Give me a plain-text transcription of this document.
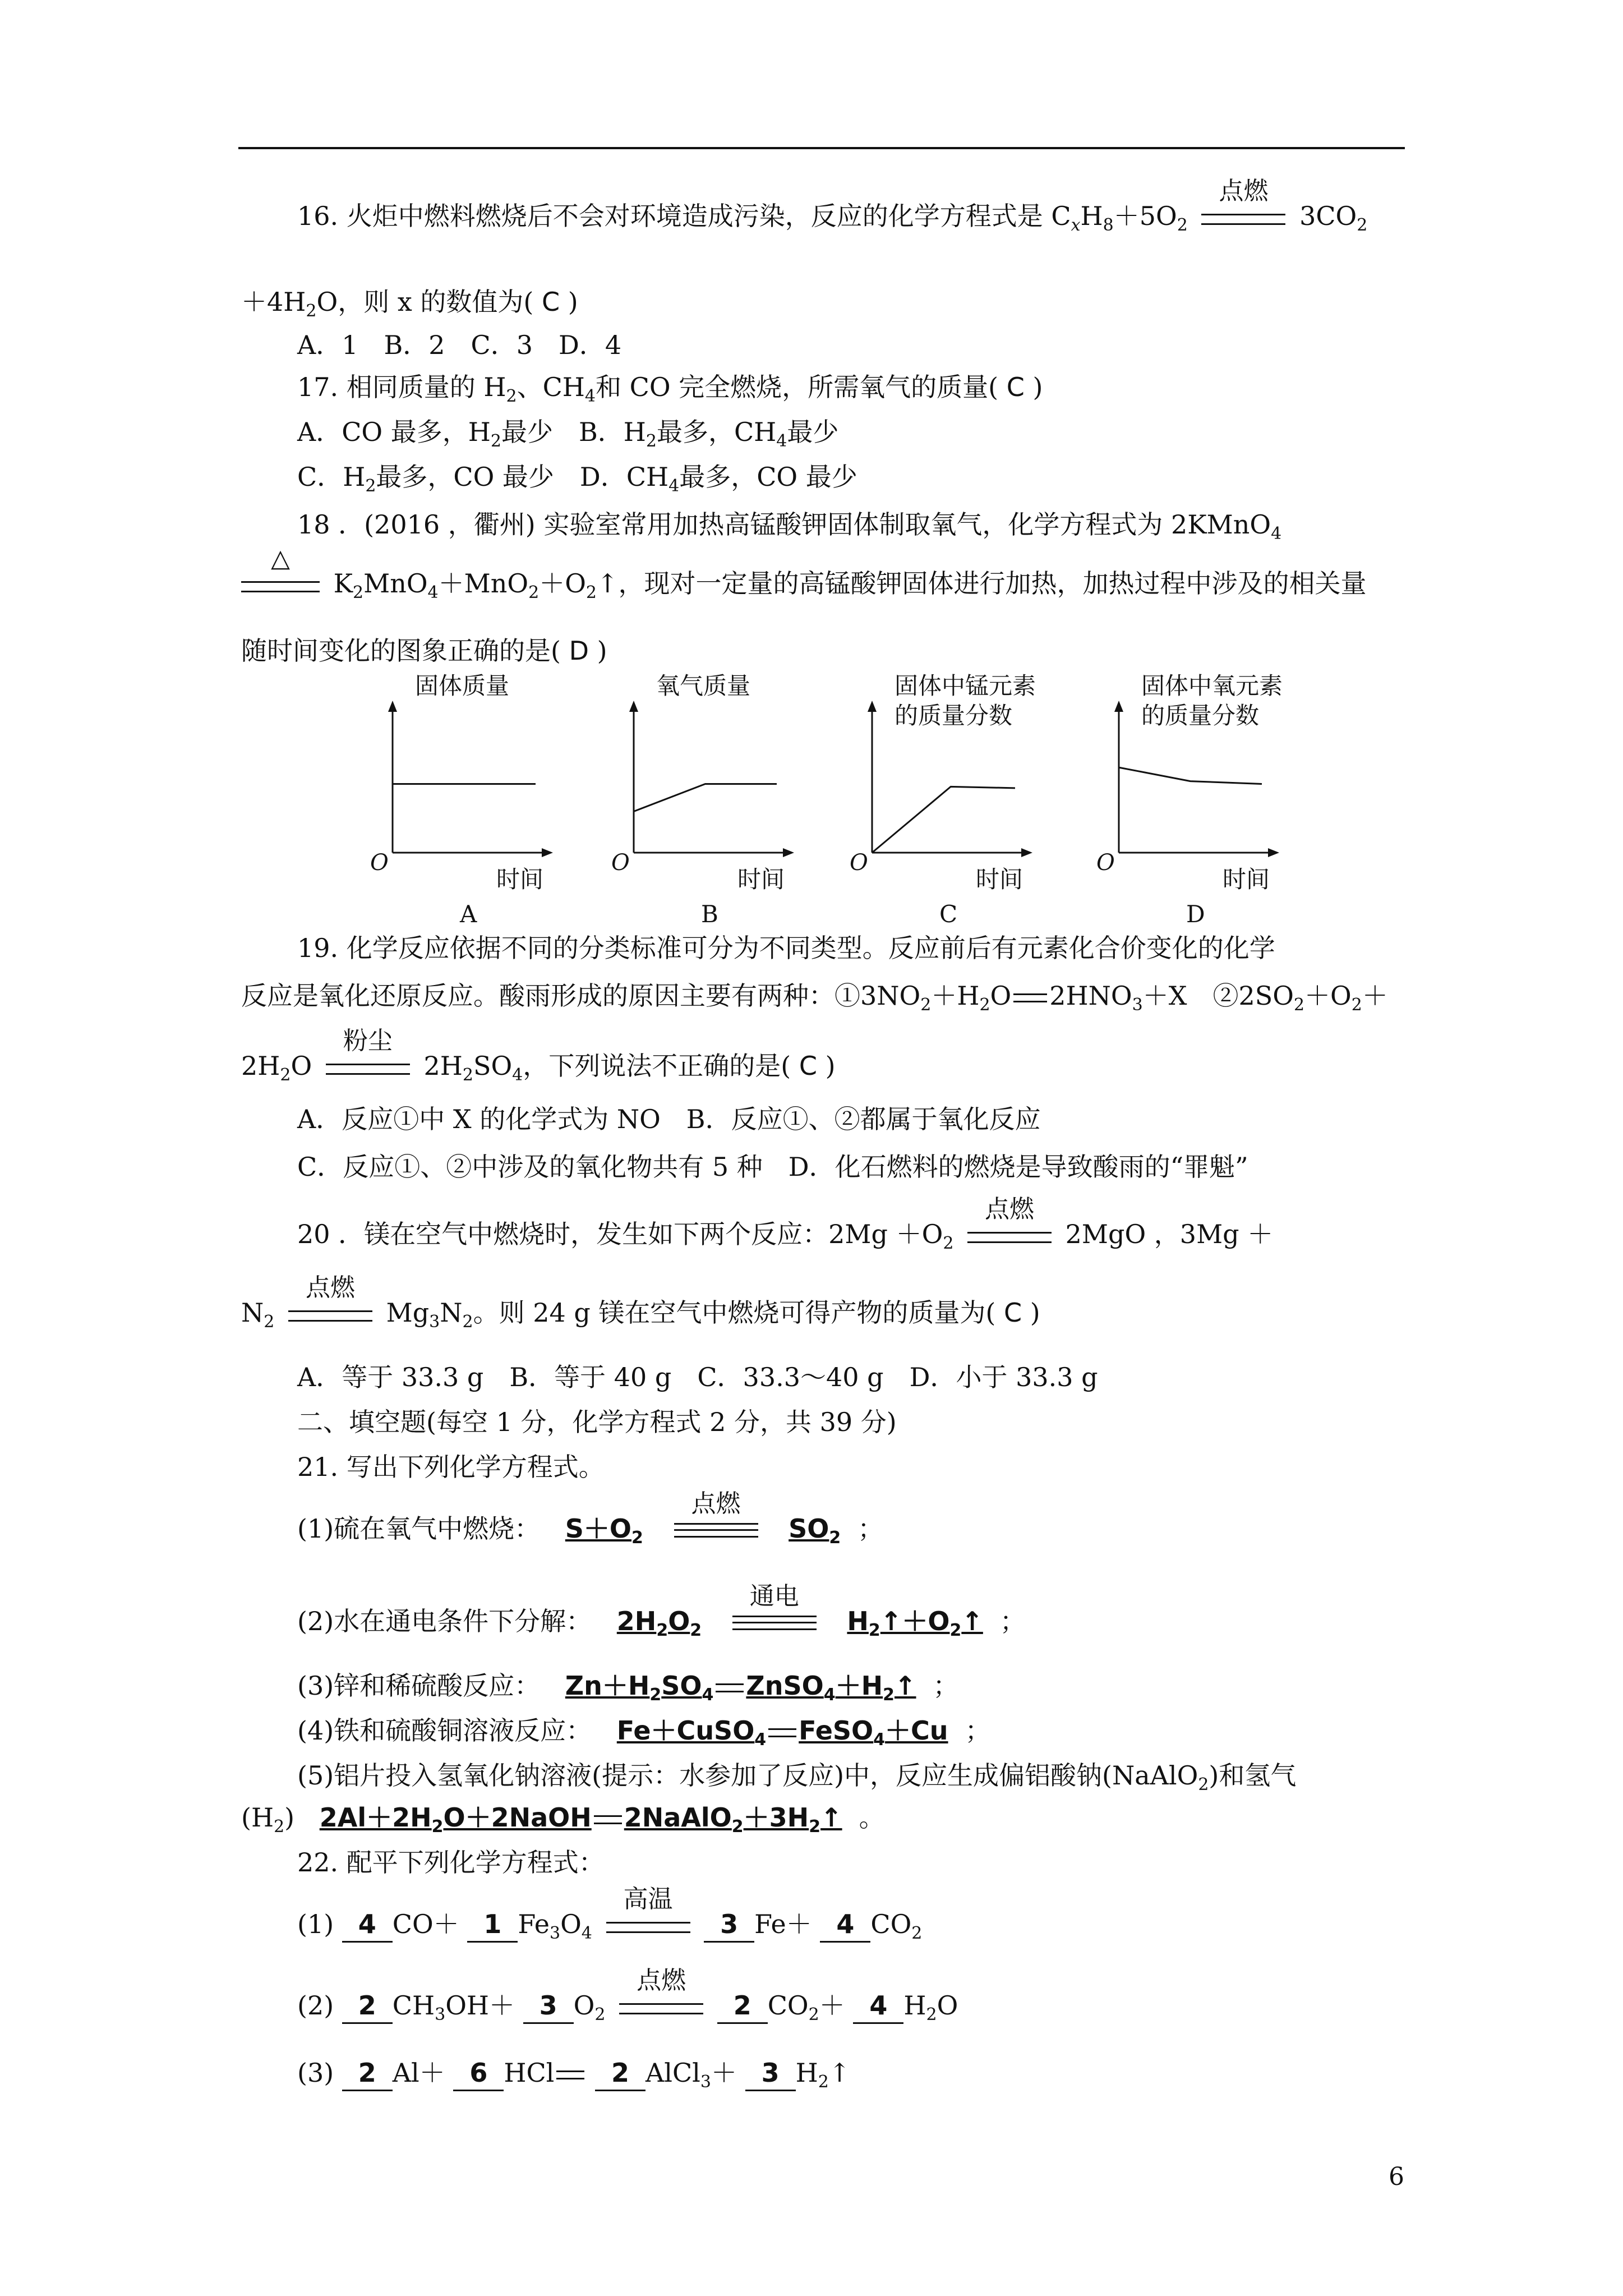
16. 火炬中燃料燃烧后不会对环境造成污染，反应的化学方程式是 $C_xH_8+5O_2$
点燃
$3CO_2$
$+4H_2O$，则 x 的数值为( C )
A．1　B．2　C．3　D．4
17. 相同质量的 $H_2$、$CH_4$和 CO 完全燃烧，所需氧气的质量( C )
A．CO 最多，$H_2$最少　B．$H_2$最多，$CH_4$最少
C．$H_2$最多，CO 最少　D．$CH_4$最多，CO 最少
18 ．(2016 ，衢州) 实验室常用加热高锰酸钾固体制取氧气，化学方程式为 2KMnO$_4$
△
$K_2MnO_4+MnO_2+O_2↑$，现对一定量的高锰酸钾固体进行加热，加热过程中涉及的相关量
随时间变化的图象正确的是( D )
固体质量
O
时间
A
氧气质量
O
时间
B
固体中锰元素
的质量分数
O
时间
C
固体中氧元素
的质量分数
O
时间
D
19. 化学反应依据不同的分类标准可分为不同类型。反应前后有元素化合价变化的化学
反应是氧化还原反应。酸雨形成的原因主要有两种：$①3NO_2+H_2O$ $2HNO_3+X$　$②2SO_2+O_2+$
$2H_2O$
粉尘
$2H_2SO_4$，下列说法不正确的是( C )
A．反应①中 X 的化学式为 NO　B．反应①、②都属于氧化反应
C．反应①、②中涉及的氧化物共有 5 种　D．化石燃料的燃烧是导致酸雨的“罪魁”
20 ．镁在空气中燃烧时，发生如下两个反应：$2Mg +O_2$
点燃
2MgO ，3Mg ＋
$N_2$
点燃
$Mg_3N_2$。则 24 g 镁在空气中燃烧可得产物的质量为( C )
A．等于 33.3 g　B．等于 40 g　C．33.3～40 g　D．小于 33.3 g
二、填空题(每空 1 分，化学方程式 2 分，共 39 分)
21. 写出下列化学方程式。
(1)硫在氧气中燃烧： $S+O_2$
点燃
$SO_2$ ；
(2)水在通电条件下分解： $2H_2O_2$
通电
$H_2↑+O_2↑$ ；
(3)锌和稀硫酸反应： $Zn+H_2SO_4$ $ZnSO_4+H_2↑$ ；
(4)铁和硫酸铜溶液反应： Fe＋CuSO$_4$ FeSO$_4$＋Cu ；
(5)铝片投入氢氧化钠溶液(提示：水参加了反应)中，反应生成偏铝酸钠(NaAlO$_2$)和氢气
$(H_2)$ $2Al+2H_2O+2NaOH$ $2NaAlO_2+3H_2↑$ 。
22. 配平下列化学方程式：
(1) 4 CO＋ 1 $Fe_3O_4$
高温
3 Fe＋ 4 $CO_2$
(2) 2 $CH_3OH+ 3$ $O_2$
点燃
2 $CO_2+ 4$ $H_2O$
(3) 2 Al＋ 6 HCl 2 AlCl$_3$＋ 3 $H_2↑$
6
